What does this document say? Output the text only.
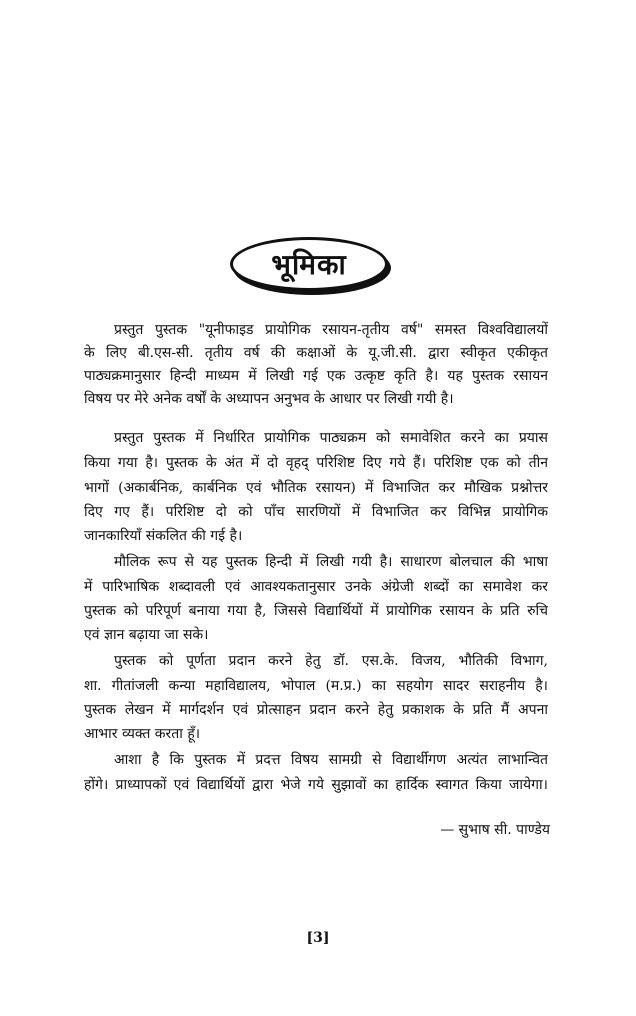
भूमिका
प्रस्तुत पुस्तक "यूनीफाइड प्रायोगिक रसायन-तृतीय वर्ष" समस्त विश्वविद्यालयों
के लिए बी.एस-सी. तृतीय वर्ष की कक्षाओं के यू.जी.सी. द्वारा स्वीकृत एकीकृत
पाठ्यक्रमानुसार हिन्दी माध्यम में लिखी गई एक उत्कृष्ट कृति है। यह पुस्तक रसायन
विषय पर मेरे अनेक वर्षों के अध्यापन अनुभव के आधार पर लिखी गयी है।
प्रस्तुत पुस्तक में निर्धारित प्रायोगिक पाठ्यक्रम को समावेशित करने का प्रयास
किया गया है। पुस्तक के अंत में दो वृहद् परिशिष्ट दिए गये हैं। परिशिष्ट एक को तीन
भागों (अकार्बनिक, कार्बनिक एवं भौतिक रसायन) में विभाजित कर मौखिक प्रश्नोत्तर
दिए गए हैं। परिशिष्ट दो को पाँच सारणियों में विभाजित कर विभिन्न प्रायोगिक
जानकारियाँ संकलित की गई है।
मौलिक रूप से यह पुस्तक हिन्दी में लिखी गयी है। साधारण बोलचाल की भाषा
में पारिभाषिक शब्दावली एवं आवश्यकतानुसार उनके अंग्रेजी शब्दों का समावेश कर
पुस्तक को परिपूर्ण बनाया गया है, जिससे विद्यार्थियों में प्रायोगिक रसायन के प्रति रुचि
एवं ज्ञान बढ़ाया जा सके।
पुस्तक को पूर्णता प्रदान करने हेतु डॉ. एस.के. विजय, भौतिकी विभाग,
शा. गीतांजली कन्या महाविद्यालय, भोपाल (म.प्र.) का सहयोग सादर सराहनीय है।
पुस्तक लेखन में मार्गदर्शन एवं प्रोत्साहन प्रदान करने हेतु प्रकाशक के प्रति मैं अपना
आभार व्यक्त करता हूँ।
आशा है कि पुस्तक में प्रदत्त विषय सामग्री से विद्यार्थीगण अत्यंत लाभान्वित
होंगे। प्राध्यापकों एवं विद्यार्थियों द्वारा भेजे गये सुझावों का हार्दिक स्वागत किया जायेगा।
— सुभाष सी. पाण्डेय
[3]
